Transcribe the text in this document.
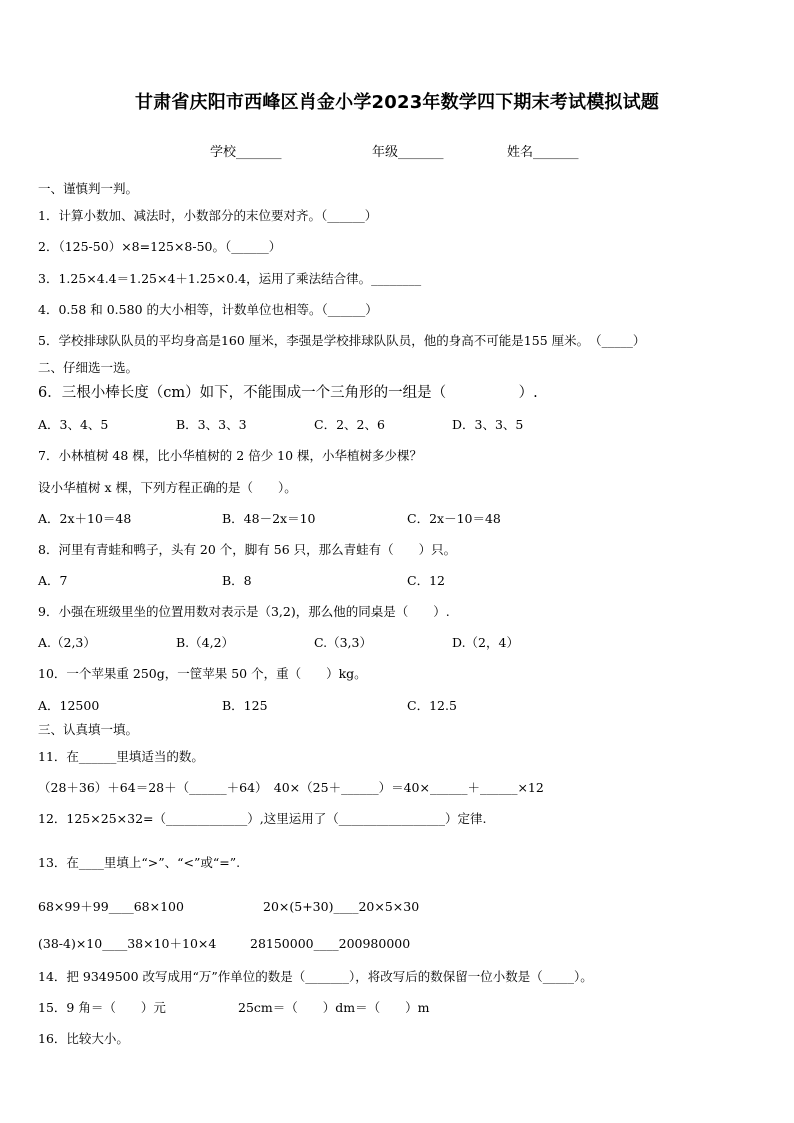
甘肃省庆阳市西峰区肖金小学2023年数学四下期末考试模拟试题
学校_______	年级_______	姓名_______
一、谨慎判一判。
1．计算小数加、减法时，小数部分的末位要对齐。（______）
2．（125-50）×8=125×8-50。（______）
3．1.25×4.4＝1.25×4＋1.25×0.4，运用了乘法结合律。________
4．0.58 和 0.580 的大小相等，计数单位也相等。（______）
5．学校排球队队员的平均身高是160 厘米，李强是学校排球队队员，他的身高不可能是155 厘米。　（_____）
二、仔细选一选。
6．三根小棒长度（cm）如下，不能围成一个三角形的一组是（　　　　　）.
A．3、4、5	B．3、3、3	C．2、2、6	D．3、3、5
7．小林植树 48 棵，比小华植树的 2 倍少 10 棵，小华植树多少棵？
设小华植树 x 棵，下列方程正确的是（　　）。
A．2x＋10＝48	B．48－2x＝10	C．2x－10＝48
8．河里有青蛙和鸭子，头有 20 个，脚有 56 只，那么青蛙有（　　）只。
A．7	B．8	C．12
9．小强在班级里坐的位置用数对表示是（3,2)，那么他的同桌是（　　）.
A.（2,3）	B.（4,2）	C.（3,3）	D.（2，4）
10．一个苹果重 250g，一筐苹果 50 个，重（　　）kg。
A．12500	B．125	C．12.5
三、认真填一填。
11．在______里填适当的数。
（28＋36）＋64＝28＋（______＋64）　40×（25＋______）＝40×______＋______×12
12．125×25×32=（_____________）,这里运用了（_________________）定律.
13．在____里填上“>”、“<”或“=”.
68×99＋99____68×100	20×(5+30)____20×5×30
(38-4)×10____38×10＋10×4	28150000____200980000
14．把 9349500 改写成用“万”作单位的数是（_______），将改写后的数保留一位小数是（_____）。
15．9 角＝（　　）元	25cm＝（　　）dm＝（　　）m
16．比较大小。
